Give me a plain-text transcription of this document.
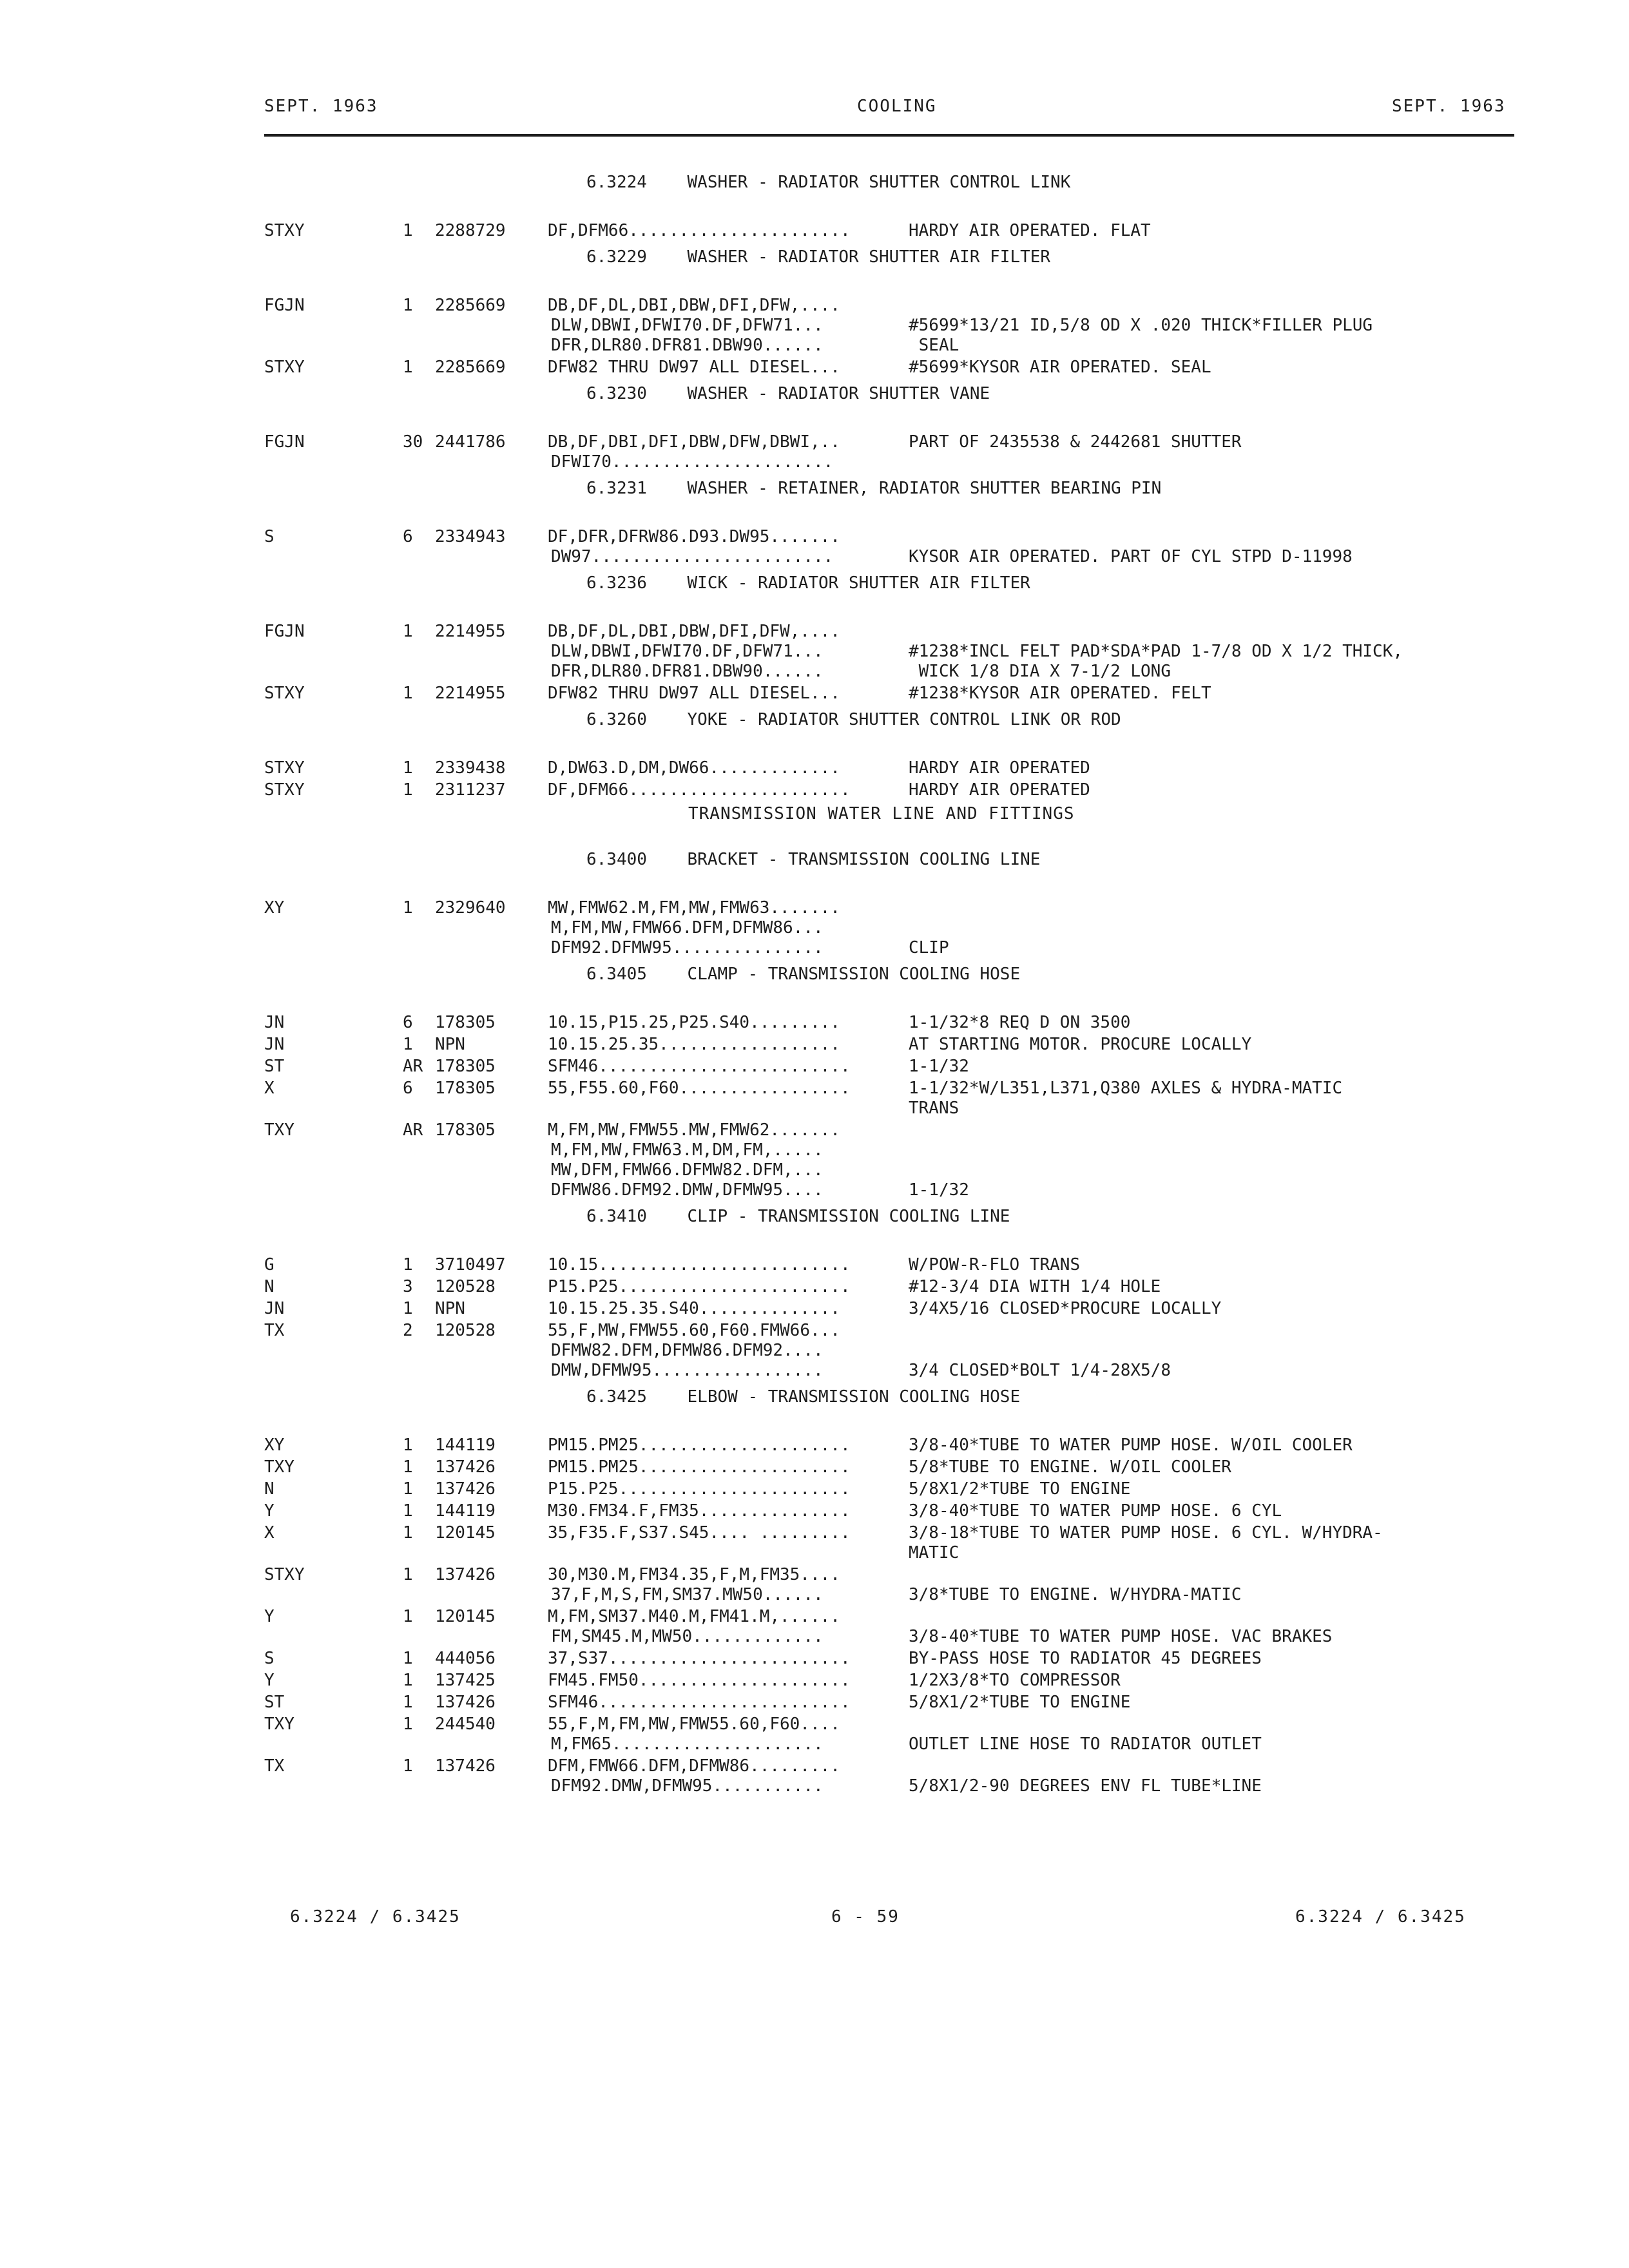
SEPT. 1963	COOLING	SEPT. 1963
6.3224    WASHER - RADIATOR SHUTTER CONTROL LINK
STXY	1 2288729	DF,DFM66......................	HARDY AIR OPERATED. FLAT
6.3229    WASHER - RADIATOR SHUTTER AIR FILTER
FGJN	1 2285669	DB,DF,DL,DBI,DBW,DFI,DFW,....
DLW,DBWI,DFWI70.DF,DFW71...	#5699*13/21 ID,5/8 OD X .020 THICK*FILLER PLUG
DFR,DLR80.DFR81.DBW90......	SEAL
STXY	1 2285669	DFW82 THRU DW97 ALL DIESEL...	#5699*KYSOR AIR OPERATED. SEAL
6.3230    WASHER - RADIATOR SHUTTER VANE
FGJN	30 2441786	DB,DF,DBI,DFI,DBW,DFW,DBWI,..	PART OF 2435538 & 2442681 SHUTTER
DFWI70......................
6.3231    WASHER - RETAINER, RADIATOR SHUTTER BEARING PIN
S	6 2334943	DF,DFR,DFRW86.D93.DW95.......
DW97........................	KYSOR AIR OPERATED. PART OF CYL STPD D-11998
6.3236    WICK - RADIATOR SHUTTER AIR FILTER
FGJN	1 2214955	DB,DF,DL,DBI,DBW,DFI,DFW,....
DLW,DBWI,DFWI70.DF,DFW71...	#1238*INCL FELT PAD*SDA*PAD 1-7/8 OD X 1/2 THICK,
DFR,DLR80.DFR81.DBW90......	WICK 1/8 DIA X 7-1/2 LONG
STXY	1 2214955	DFW82 THRU DW97 ALL DIESEL...	#1238*KYSOR AIR OPERATED. FELT
6.3260    YOKE - RADIATOR SHUTTER CONTROL LINK OR ROD
STXY	1 2339438	D,DW63.D,DM,DW66.............	HARDY AIR OPERATED
STXY	1 2311237	DF,DFM66......................	HARDY AIR OPERATED
TRANSMISSION WATER LINE AND FITTINGS
6.3400    BRACKET - TRANSMISSION COOLING LINE
XY	1 2329640	MW,FMW62.M,FM,MW,FMW63.......
M,FM,MW,FMW66.DFM,DFMW86...
DFM92.DFMW95...............	CLIP
6.3405    CLAMP - TRANSMISSION COOLING HOSE
JN	6 178305	10.15,P15.25,P25.S40.........	1-1/32*8 REQ D ON 3500
JN	1 NPN	10.15.25.35..................	AT STARTING MOTOR. PROCURE LOCALLY
ST	AR 178305	SFM46.........................	1-1/32
X	6 178305	55,F55.60,F60.................	1-1/32*W/L351,L371,Q380 AXLES & HYDRA-MATIC
TRANS
TXY	AR 178305	M,FM,MW,FMW55.MW,FMW62.......
M,FM,MW,FMW63.M,DM,FM,.....
MW,DFM,FMW66.DFMW82.DFM,...
DFMW86.DFM92.DMW,DFMW95....	1-1/32
6.3410    CLIP - TRANSMISSION COOLING LINE
G	1 3710497	10.15.........................	W/POW-R-FLO TRANS
N	3 120528	P15.P25.......................	#12-3/4 DIA WITH 1/4 HOLE
JN	1 NPN	10.15.25.35.S40..............	3/4X5/16 CLOSED*PROCURE LOCALLY
TX	2 120528	55,F,MW,FMW55.60,F60.FMW66...
DFMW82.DFM,DFMW86.DFM92....
DMW,DFMW95.................	3/4 CLOSED*BOLT 1/4-28X5/8
6.3425    ELBOW - TRANSMISSION COOLING HOSE
XY	1 144119	PM15.PM25.....................	3/8-40*TUBE TO WATER PUMP HOSE. W/OIL COOLER
TXY	1 137426	PM15.PM25.....................	5/8*TUBE TO ENGINE. W/OIL COOLER
N	1 137426	P15.P25.......................	5/8X1/2*TUBE TO ENGINE
Y	1 144119	M30.FM34.F,FM35...............	3/8-40*TUBE TO WATER PUMP HOSE. 6 CYL
X	1 120145	35,F35.F,S37.S45.... .........	3/8-18*TUBE TO WATER PUMP HOSE. 6 CYL. W/HYDRA-
MATIC
STXY	1 137426	30,M30.M,FM34.35,F,M,FM35....
37,F,M,S,FM,SM37.MW50......	3/8*TUBE TO ENGINE. W/HYDRA-MATIC
Y	1 120145	M,FM,SM37.M40.M,FM41.M,......
FM,SM45.M,MW50.............	3/8-40*TUBE TO WATER PUMP HOSE. VAC BRAKES
S	1 444056	37,S37........................	BY-PASS HOSE TO RADIATOR 45 DEGREES
Y	1 137425	FM45.FM50.....................	1/2X3/8*TO COMPRESSOR
ST	1 137426	SFM46.........................	5/8X1/2*TUBE TO ENGINE
TXY	1 244540	55,F,M,FM,MW,FMW55.60,F60....
M,FM65.....................	OUTLET LINE HOSE TO RADIATOR OUTLET
TX	1 137426	DFM,FMW66.DFM,DFMW86.........
DFM92.DMW,DFMW95...........	5/8X1/2-90 DEGREES ENV FL TUBE*LINE
6.3224 / 6.3425	6 - 59	6.3224 / 6.3425
